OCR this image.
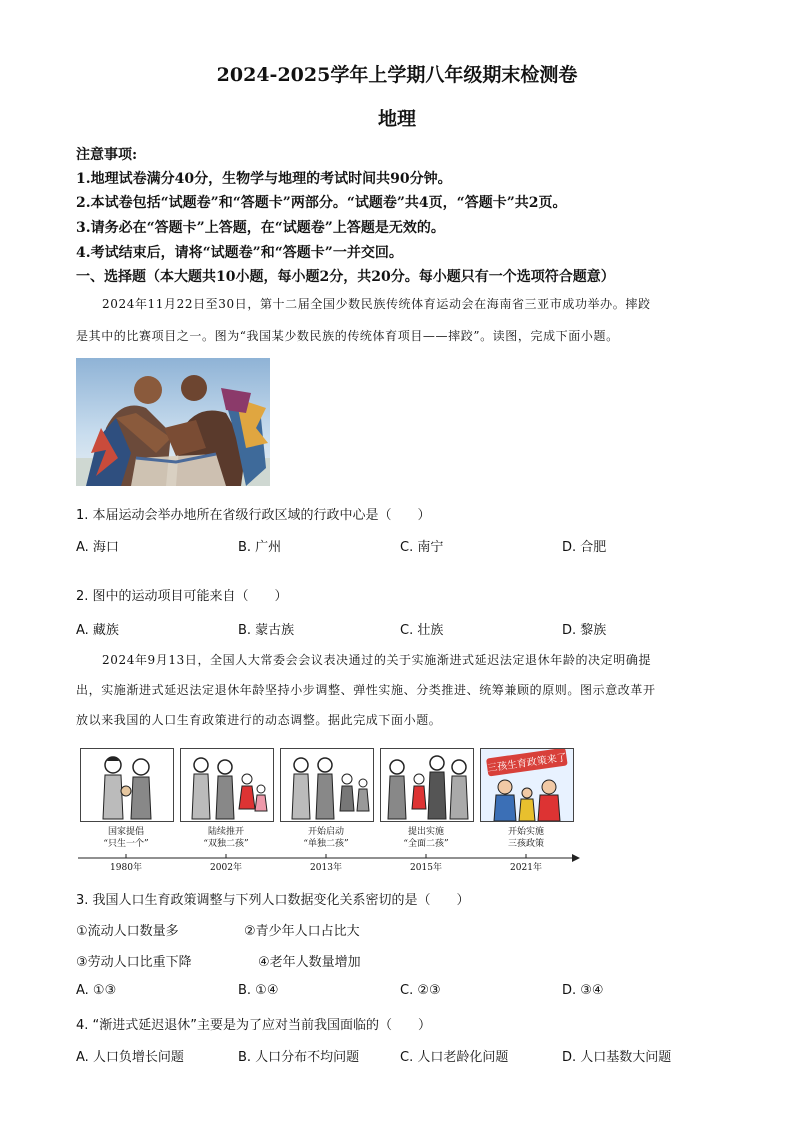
2024-2025学年上学期八年级期末检测卷
地理
注意事项:
1.地理试卷满分40分，生物学与地理的考试时间共90分钟。
2.本试卷包括“试题卷”和“答题卡”两部分。“试题卷”共4页，“答题卡”共2页。
3.请务必在“答题卡”上答题，在“试题卷”上答题是无效的。
4.考试结束后，请将“试题卷”和“答题卡”一并交回。
一、选择题（本大题共10小题，每小题2分，共20分。每小题只有一个选项符合题意）
2024年11月22日至30日，第十二届全国少数民族传统体育运动会在海南省三亚市成功举办。摔跤
是其中的比赛项目之一。图为“我国某少数民族的传统体育项目——摔跤”。读图，完成下面小题。
1. 本届运动会举办地所在省级行政区域的行政中心是（　　）
A. 海口	B. 广州	C. 南宁	D. 合肥
2. 图中的运动项目可能来自（　　）
A. 藏族	B. 蒙古族	C. 壮族	D. 黎族
2024年9月13日，全国人大常委会会议表决通过的关于实施渐进式延迟法定退休年龄的决定明确提
出，实施渐进式延迟法定退休年龄坚持小步调整、弹性实施、分类推进、统筹兼顾的原则。图示意改革开
放以来我国的人口生育政策进行的动态调整。据此完成下面小题。
三孩生育政策来了
国家提倡
“只生一个”
陆续推开
“双独二孩”
开始启动
“单独二孩”
提出实施
“全面二孩”
开始实施
三孩政策
1980年	2002年	2013年	2015年	2021年
3. 我国人口生育政策调整与下列人口数据变化关系密切的是（　　）
①流动人口数量多	②青少年人口占比大
③劳动人口比重下降	④老年人数量增加
A. ①③	B. ①④	C. ②③	D. ③④
4. “渐进式延迟退休”主要是为了应对当前我国面临的（　　）
A. 人口负增长问题	B. 人口分布不均问题	C. 人口老龄化问题	D. 人口基数大问题
